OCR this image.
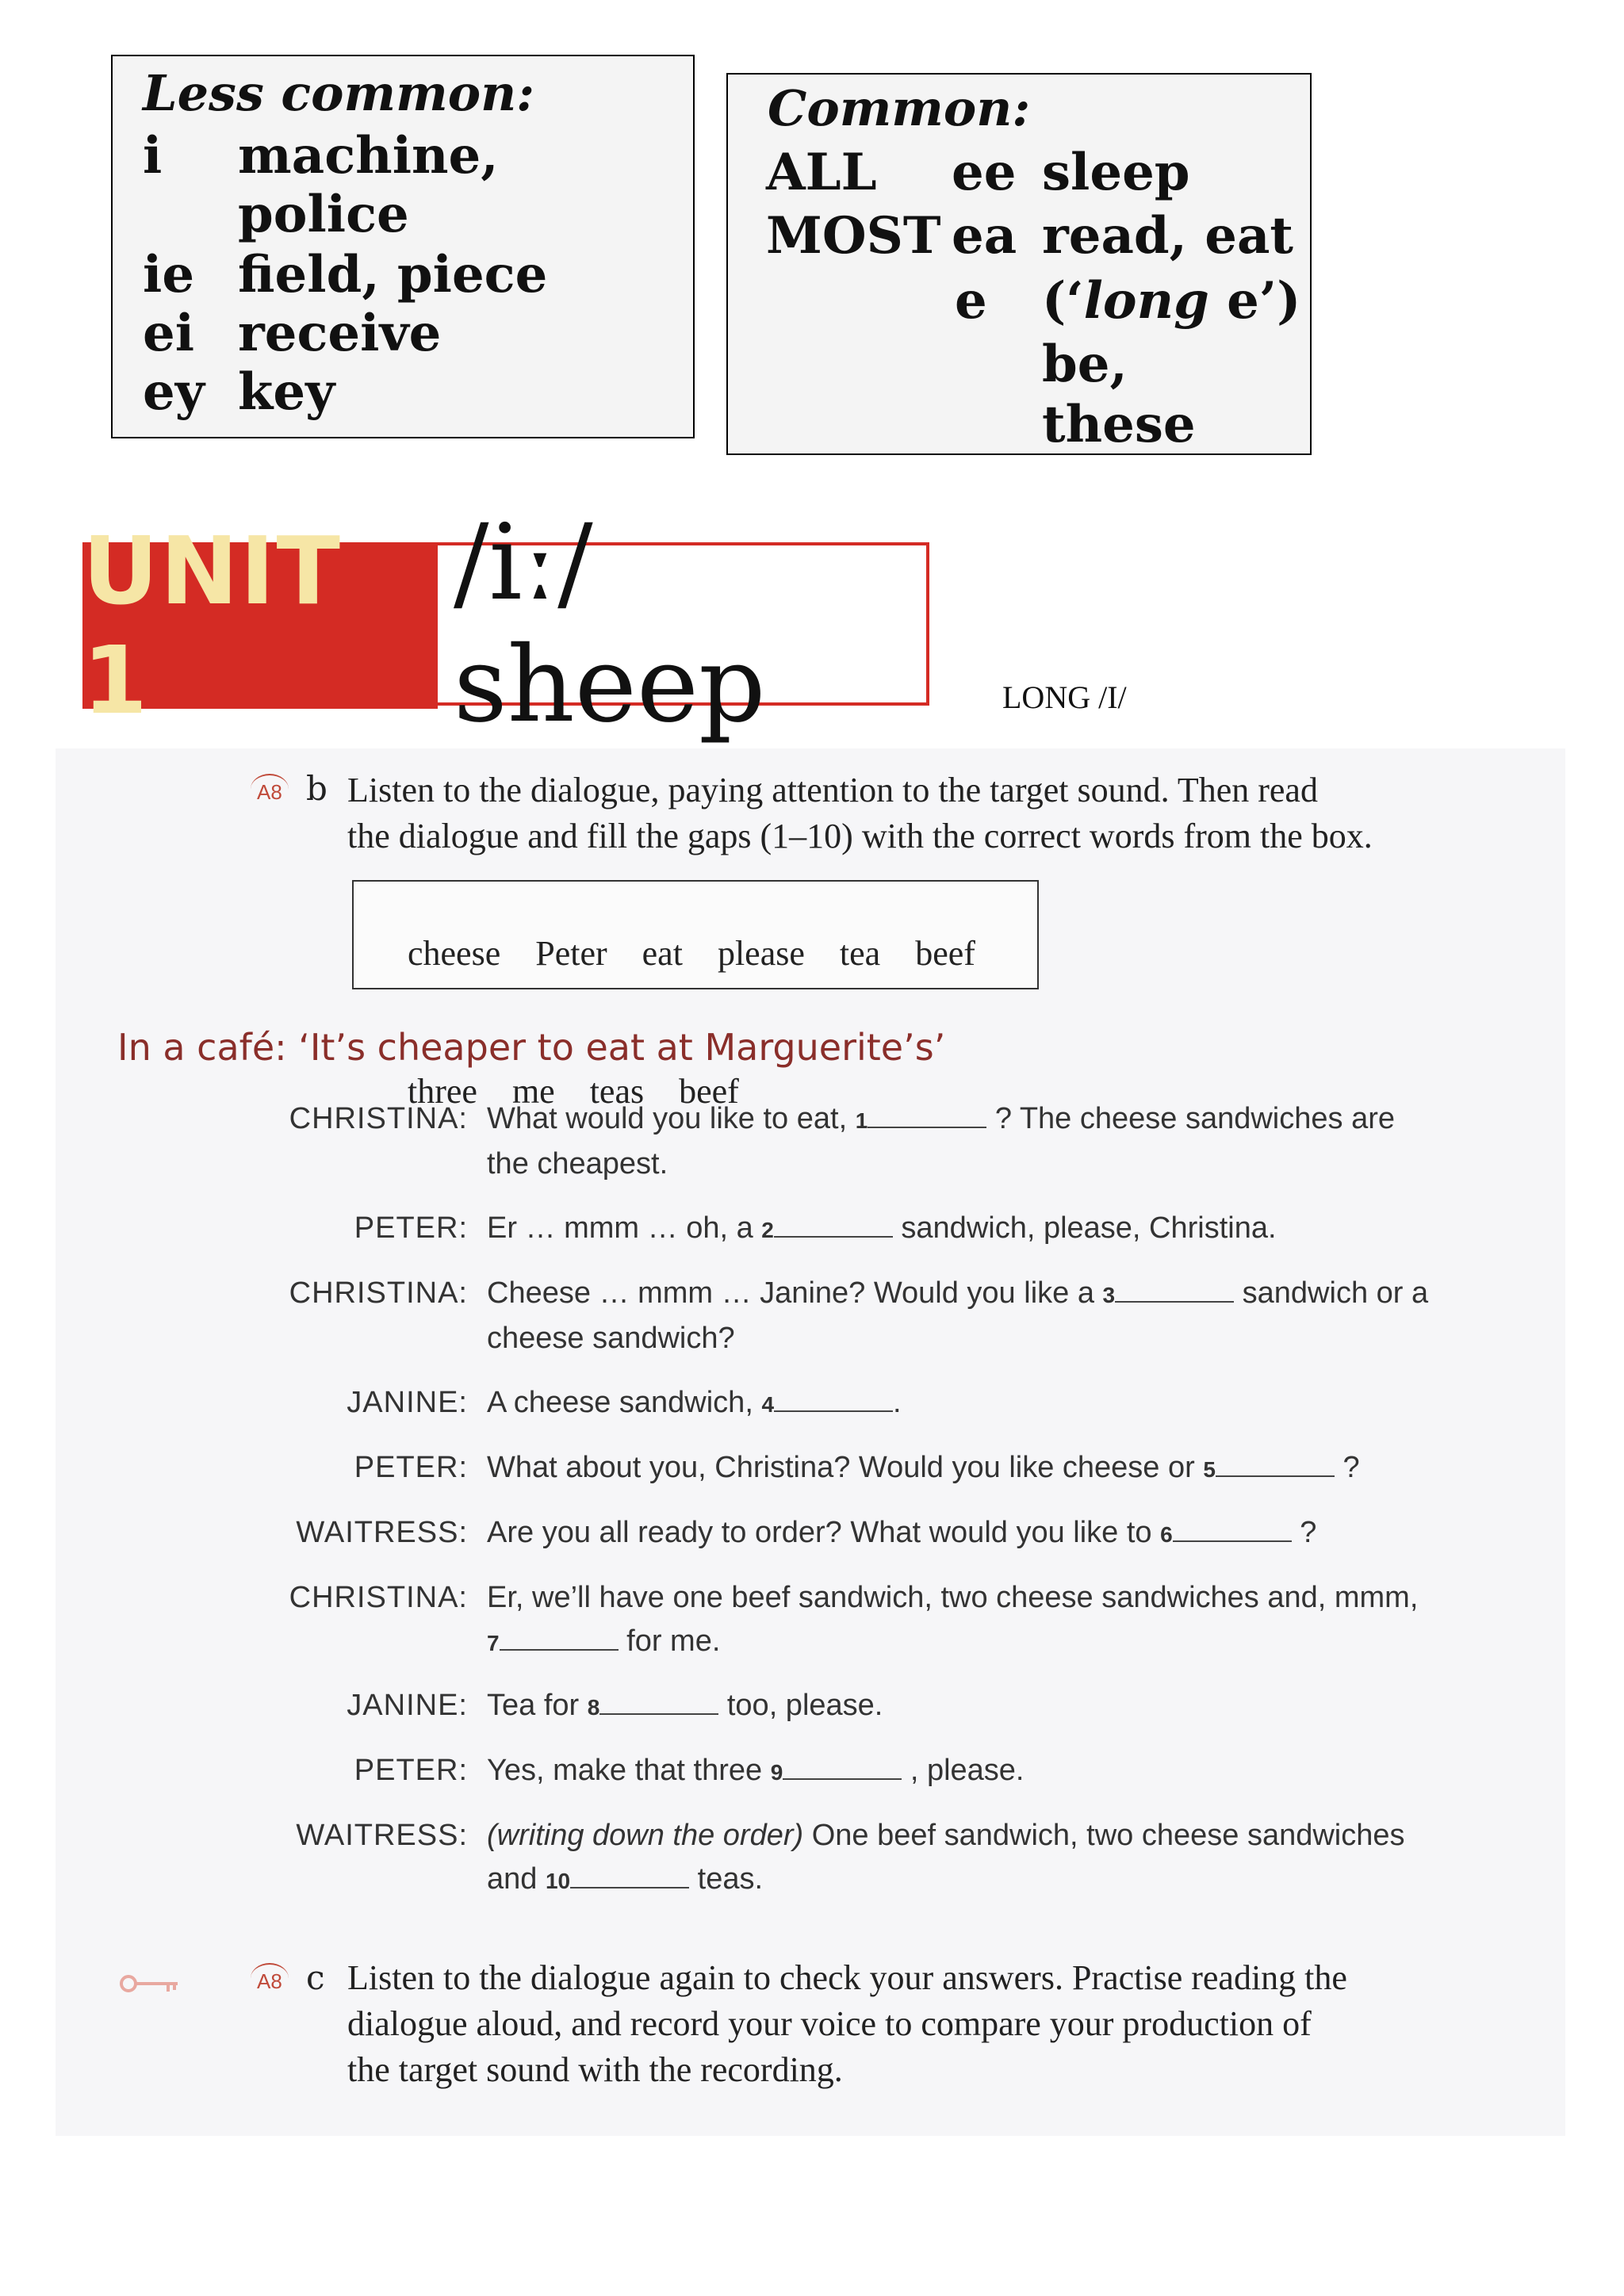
Less common:
i machine,
police
ie field, piece
ei receive
ey key
Common:
ALL ee sleep
MOST ea read, eat
e (‘long e’)
be,
these
UNIT 1
/iː/ sheep	LONG /I/
A8 b Listen to the dialogue, paying attention to the target sound. Then read
the dialogue and fill the gaps (1–10) with the correct words from the box.

cheese Peter eat please tea beef

three me teas beef

In a café: ‘It’s cheaper to eat at Marguerite’s’
CHRISTINA: What would you like to eat, 1	? The cheese sandwiches are
the cheapest.
PETER: Er … mmm … oh, a 2	sandwich, please, Christina.
CHRISTINA: Cheese … mmm … Janine? Would you like a 3	sandwich or a
cheese sandwich?
JANINE: A cheese sandwich, 4	.
PETER: What about you, Christina? Would you like cheese or 5	?
WAITRESS: Are you all ready to order? What would you like to 6	?
CHRISTINA: Er, we’ll have one beef sandwich, two cheese sandwiches and, mmm,
7	for me.
JANINE: Tea for 8	too, please.
PETER: Yes, make that three 9	, please.
WAITRESS: (writing down the order) One beef sandwich, two cheese sandwiches
and 10	teas.
A8 c Listen to the dialogue again to check your answers. Practise reading the
dialogue aloud, and record your voice to compare your production of
the target sound with the recording.
